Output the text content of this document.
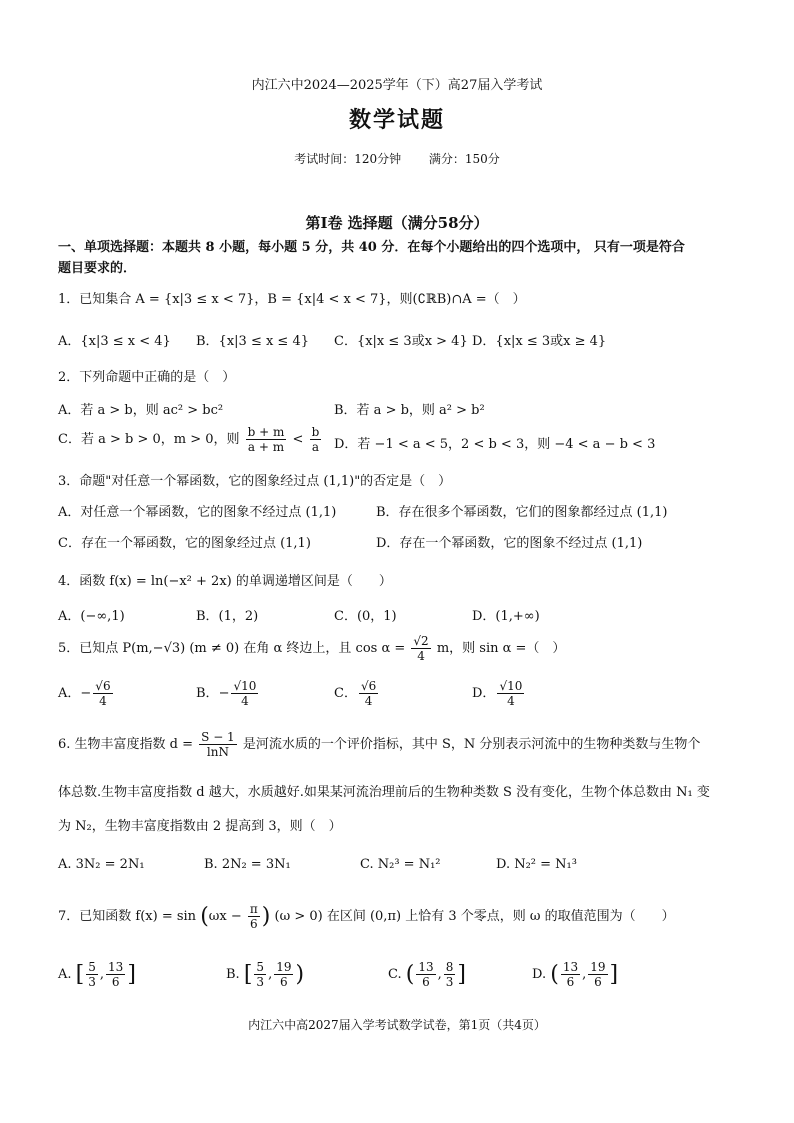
内江六中2024—2025学年（下）高27届入学考试
数学试题
考试时间：120分钟　　 满分：150分
第Ⅰ卷 选择题（满分58分）
一、单项选择题：本题共 8 小题，每小题 5 分，共 40 分．在每个小题给出的四个选项中， 只有一项是符合
题目要求的．
1．已知集合 A = {x|3 ≤ x < 7}，B = {x|4 < x < 7}，则(∁ℝB)∩A =（　）
A．{x|3 ≤ x < 4} B．{x|3 ≤ x ≤ 4} C．{x|x ≤ 3或x > 4} D．{x|x ≤ 3或x ≥ 4}
2．下列命题中正确的是（　）
A．若 a > b，则 ac² > bc²	B．若 a > b，则 a² > b²
C．若 a > b > 0，m > 0，则 $\frac{b + m}{a + m} < \frac{b}{a}$ D．若 −1 < a < 5，2 < b < 3，则 −4 < a − b < 3
3．命题"对任意一个幂函数，它的图象经过点 (1,1)"的否定是（　）
A．对任意一个幂函数，它的图象不经过点 (1,1)	B．存在很多个幂函数，它们的图象都经过点 (1,1)
C．存在一个幂函数，它的图象经过点 (1,1)	D．存在一个幂函数，它的图象不经过点 (1,1)
4．函数 f(x) = ln(−x² + 2x) 的单调递增区间是（　　）
A．(−∞,1)	B．(1，2)	C．(0，1)	D．(1,+∞)
5．已知点 P(m,−√3) (m ≠ 0) 在角 α 终边上，且 $\cos \alpha = \frac{√2}{4}$ m，则 sin α =（　）
A．− $\frac{√6}{4}$	B．− $\frac{√10}{4}$	C． $\frac{√6}{4}$	D． $\frac{√10}{4}$
6. 生物丰富度指数 $d = \frac{S - 1}{\ln N}$ 是河流水质的一个评价指标，其中 S，N 分别表示河流中的生物种类数与生物个
体总数.生物丰富度指数 d 越大，水质越好.如果某河流治理前后的生物种类数 S 没有变化，生物个体总数由 N₁ 变
为 N₂，生物丰富度指数由 2 提高到 3，则（　）
A. 3N₂ = 2N₁	B. 2N₂ = 3N₁	C. N₂³ = N₁²	D. N₂² = N₁³
7．已知函数 $f(x) = \sin (\omega x - \frac{\pi}{6}$ ) (ω > 0) 在区间 (0,π) 上恰有 3 个零点，则 ω 的取值范围为（　　）
A. [ $\frac{5}{3}$ , $\frac{13}{6}$ ]	B. [ $\frac{5}{3}$ , $\frac{19}{6}$ )	C. ( $\frac{13}{6}$ , $\frac{8}{3}$ ]	D. ( $\frac{13}{6}$ , $\frac{19}{6}$ ]
内江六中高2027届入学考试数学试卷，第1页（共4页）
